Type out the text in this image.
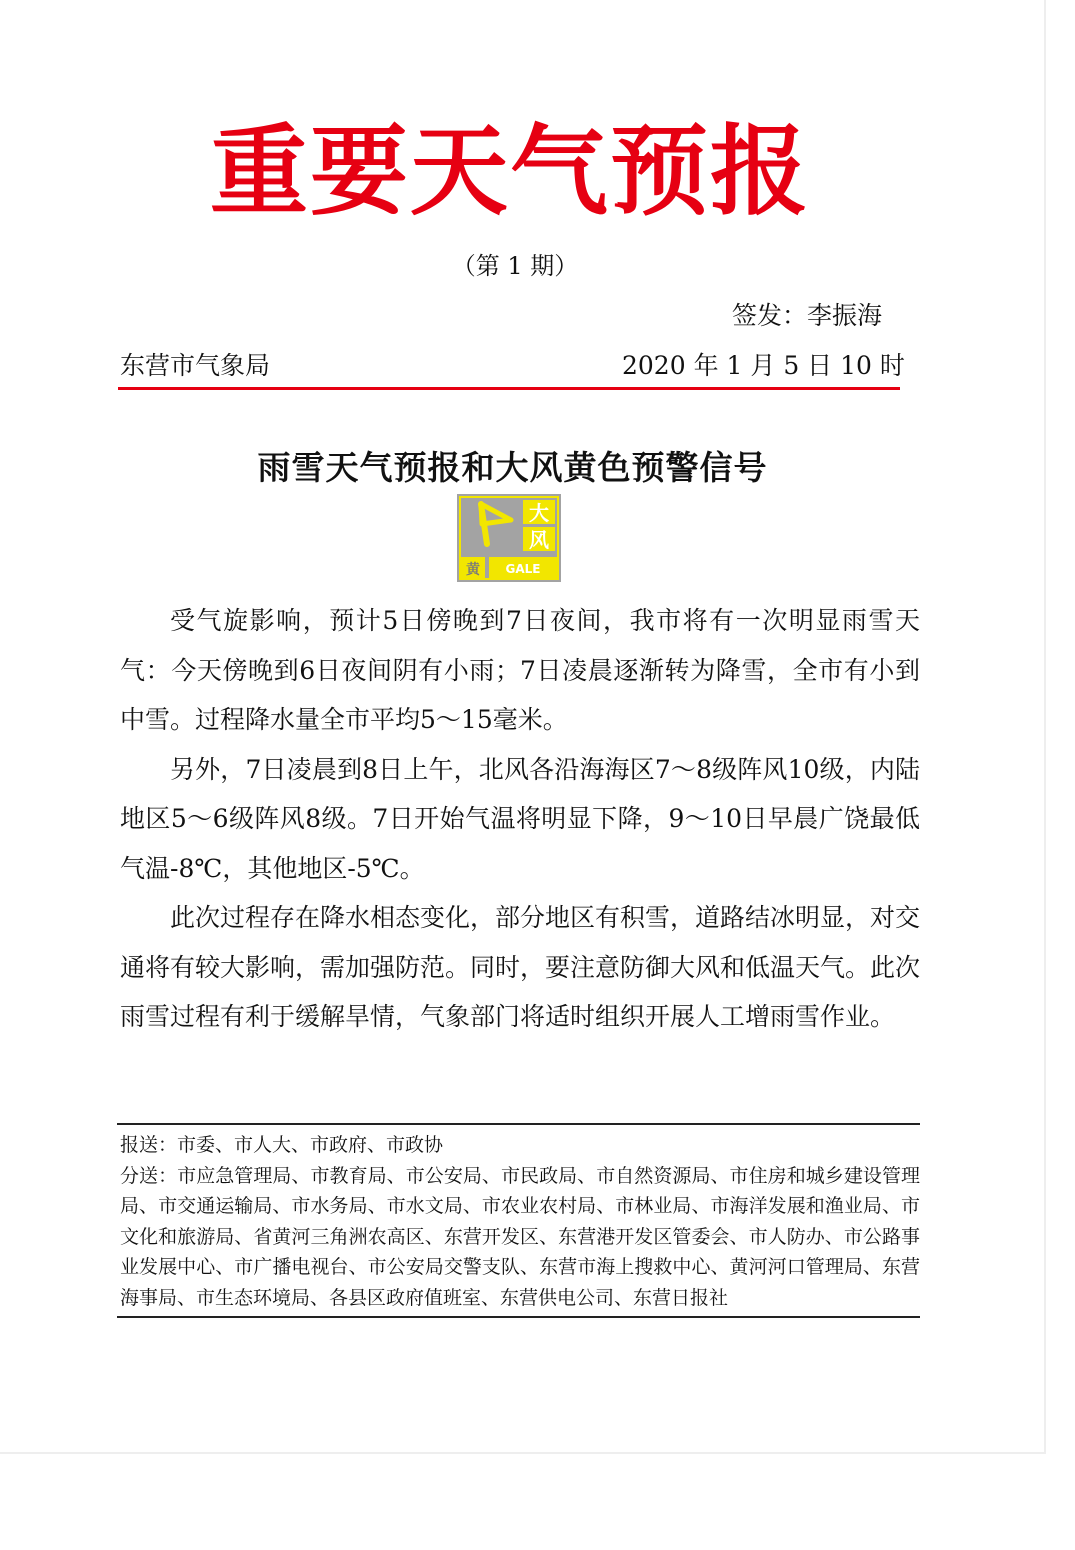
重要天气预报
（第 1 期）
签发：李振海
东营市气象局	2020 年 1 月 5 日 10 时
雨雪天气预报和大风黄色预警信号
大
风
黄 GALE

受气旋影响，预计5日傍晚到7日夜间，我市将有一次明显雨雪天气：今天傍晚到6日夜间阴有小雨；7日凌晨逐渐转为降雪，全市有小到中雪。过程降水量全市平均5～15毫米。

另外，7日凌晨到8日上午，北风各沿海海区7～8级阵风10级，内陆地区5～6级阵风8级。7日开始气温将明显下降，9～10日早晨广饶最低气温-8℃，其他地区-5℃。

此次过程存在降水相态变化，部分地区有积雪，道路结冰明显，对交通将有较大影响，需加强防范。同时，要注意防御大风和低温天气。此次雨雪过程有利于缓解旱情，气象部门将适时组织开展人工增雨雪作业。

报送：市委、市人大、市政府、市政协

分送：市应急管理局、市教育局、市公安局、市民政局、市自然资源局、市住房和城乡建设管理局、市交通运输局、市水务局、市水文局、市农业农村局、市林业局、市海洋发展和渔业局、市文化和旅游局、省黄河三角洲农高区、东营开发区、东营港开发区管委会、市人防办、市公路事业发展中心、市广播电视台、市公安局交警支队、东营市海上搜救中心、黄河河口管理局、东营海事局、市生态环境局、各县区政府值班室、东营供电公司、东营日报社
